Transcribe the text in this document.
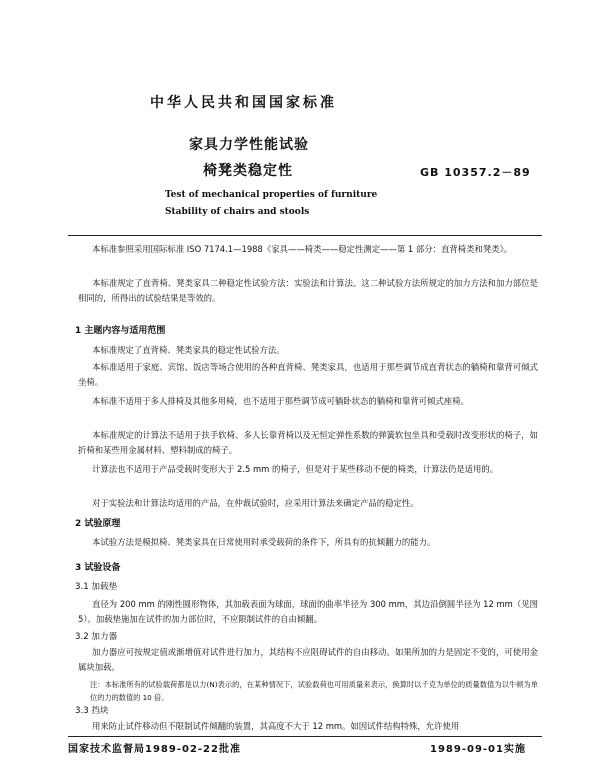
中华人民共和国国家标准
家具力学性能试验
椅凳类稳定性	GB 10357.2－89
Test of mechanical properties of furniture
Stability of chairs and stools

本标准参照采用国际标准 ISO 7174.1—1988《家具——椅类——稳定性测定——第 1 部分：直背椅类和凳类》。

本标准规定了直背椅、凳类家具二种稳定性试验方法：实验法和计算法。这二种试验方法所规定的加力方法和加力部位是相同的，所得出的试验结果是等效的。

1 主题内容与适用范围

本标准规定了直背椅、凳类家具的稳定性试验方法。

本标准适用于家庭、宾馆、饭店等场合使用的各种直背椅、凳类家具，也适用于那些调节成直背状态的躺椅和靠背可倾式坐椅。

本标准不适用于多人排椅及其他多用椅，也不适用于那些调节成可躺卧状态的躺椅和靠背可倾式座椅。

本标准规定的计算法不适用于扶手软椅、多人长靠背椅以及无恒定弹性系数的弹簧软包坐具和受载时改变形状的椅子，如折椅和某些用金属材料、塑料制成的椅子。

计算法也不适用于产品受载时变形大于 2.5 mm 的椅子，但是对于某些移动不便的椅类，计算法仍是适用的。

对于实验法和计算法均适用的产品，在仲裁试验时，应采用计算法来确定产品的稳定性。

2 试验原理

本试验方法是模拟椅、凳类家具在日常使用时承受载荷的条件下，所具有的抗倾翻力的能力。

3 试验设备
3.1 加载垫

直径为 200 mm 的刚性圆形物体，其加载表面为球面，球面的曲率半径为 300 mm，其边沿倒圆半径为 12 mm（见图 5）。加载垫施加在试件的加力部位时，不应限制试件的自由倾翻。

3.2 加力器

加力器应可按规定值或渐增值对试件进行加力，其结构不应阻碍试件的自由移动。如果所加的力是固定不变的，可使用金属块加载。

注：本标准所有的试验载荷都是以力(N)表示的，在某种情况下，试验载荷也可用质量来表示，换算时以千克为单位的质量数值为以牛顿为单位的力的数值的 10 倍。

3.3 挡块

用来防止试件移动但不限制试件倾翻的装置，其高度不大于 12 mm。如因试件结构特殊，允许使用

国家技术监督局1989-02-22批准	1989-09-01实施
